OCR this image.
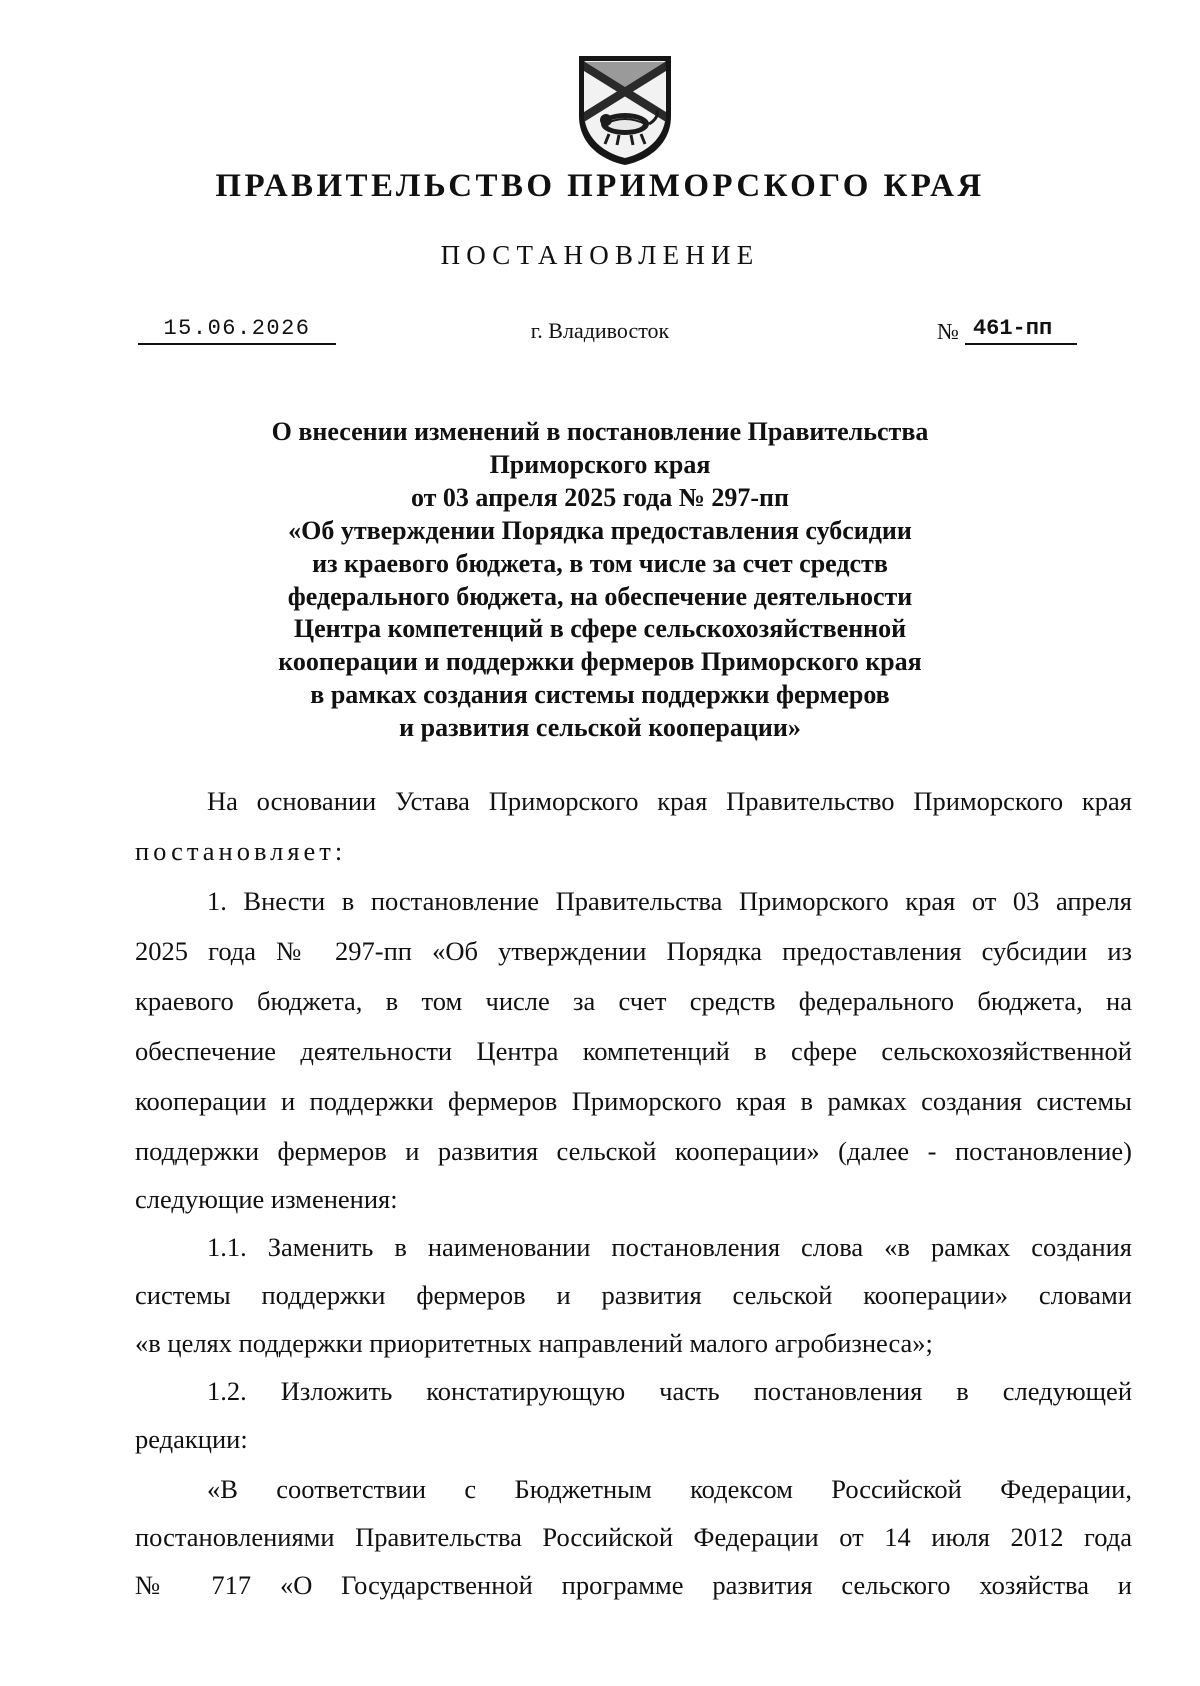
ПРАВИТЕЛЬСТВО ПРИМОРСКОГО КРАЯ
ПОСТАНОВЛЕНИЕ
15.06.2026	г. Владивосток	№ 461-пп
О внесении изменений в постановление Правительства
Приморского края
от 03 апреля 2025 года № 297-пп
«Об утверждении Порядка предоставления субсидии
из краевого бюджета, в том числе за счет средств
федерального бюджета, на обеспечение деятельности
Центра компетенций в сфере сельскохозяйственной
кооперации и поддержки фермеров Приморского края
в рамках создания системы поддержки фермеров
и развития сельской кооперации»
На основании Устава Приморского края Правительство Приморского края
постановляет:
1. Внести в постановление Правительства Приморского края от 03 апреля
2025 года № 297-пп «Об утверждении Порядка предоставления субсидии из
краевого бюджета, в том числе за счет средств федерального бюджета, на
обеспечение деятельности Центра компетенций в сфере сельскохозяйственной
кооперации и поддержки фермеров Приморского края в рамках создания системы
поддержки фермеров и развития сельской кооперации» (далее - постановление)
следующие изменения:
1.1. Заменить в наименовании постановления слова «в рамках создания
системы поддержки фермеров и развития сельской кооперации» словами
«в целях поддержки приоритетных направлений малого агробизнеса»;
1.2. Изложить констатирующую часть постановления в следующей
редакции:
«В соответствии с Бюджетным кодексом Российской Федерации,
постановлениями Правительства Российской Федерации от 14 июля 2012 года
№ 717 «О Государственной программе развития сельского хозяйства и
